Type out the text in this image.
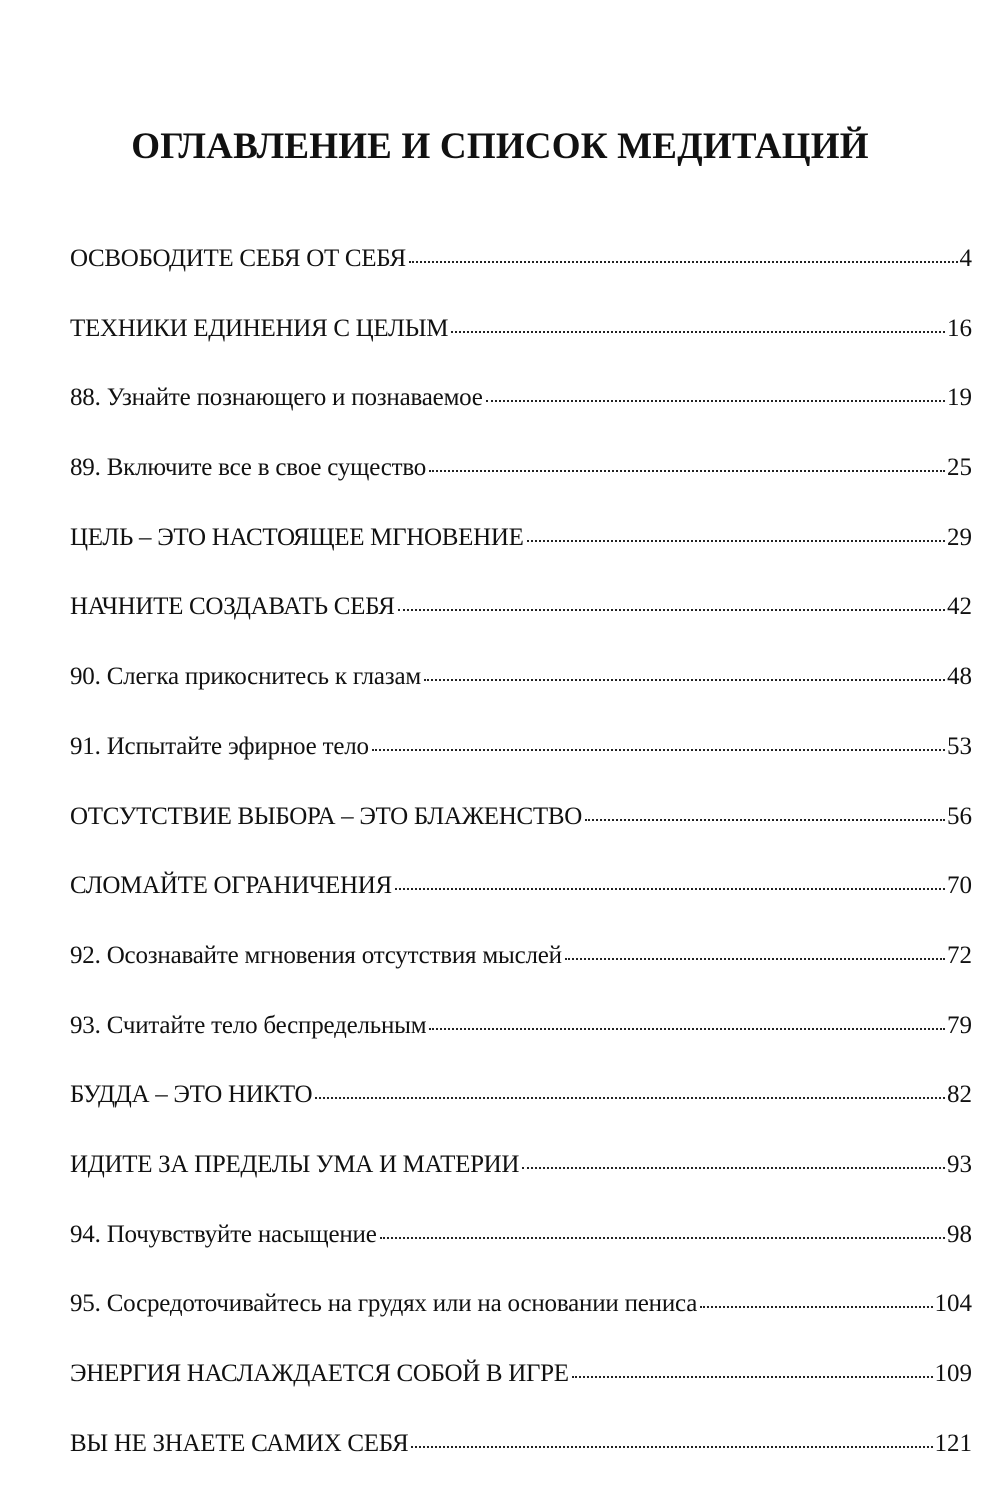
ОГЛАВЛЕНИЕ И СПИСОК МЕДИТАЦИЙ
ОСВОБОДИТЕ СЕБЯ ОТ СЕБЯ	4
ТЕХНИКИ ЕДИНЕНИЯ С ЦЕЛЫМ	16
88. Узнайте познающего и познаваемое	19
89. Включите все в свое существо	25
ЦЕЛЬ – ЭТО НАСТОЯЩЕЕ МГНОВЕНИЕ	29
НАЧНИТЕ СОЗДАВАТЬ СЕБЯ	42
90. Слегка прикоснитесь к глазам	48
91. Испытайте эфирное тело	53
ОТСУТСТВИЕ ВЫБОРА – ЭТО БЛАЖЕНСТВО	56
СЛОМАЙТЕ ОГРАНИЧЕНИЯ	70
92. Осознавайте мгновения отсутствия мыслей	72
93. Считайте тело беспредельным	79
БУДДА – ЭТО НИКТО	82
ИДИТЕ ЗА ПРЕДЕЛЫ УМА И МАТЕРИИ	93
94. Почувствуйте насыщение	98
95. Сосредоточивайтесь на грудях или на основании пениса	104
ЭНЕРГИЯ НАСЛАЖДАЕТСЯ СОБОЙ В ИГРЕ	109
ВЫ НЕ ЗНАЕТЕ САМИХ СЕБЯ	121
